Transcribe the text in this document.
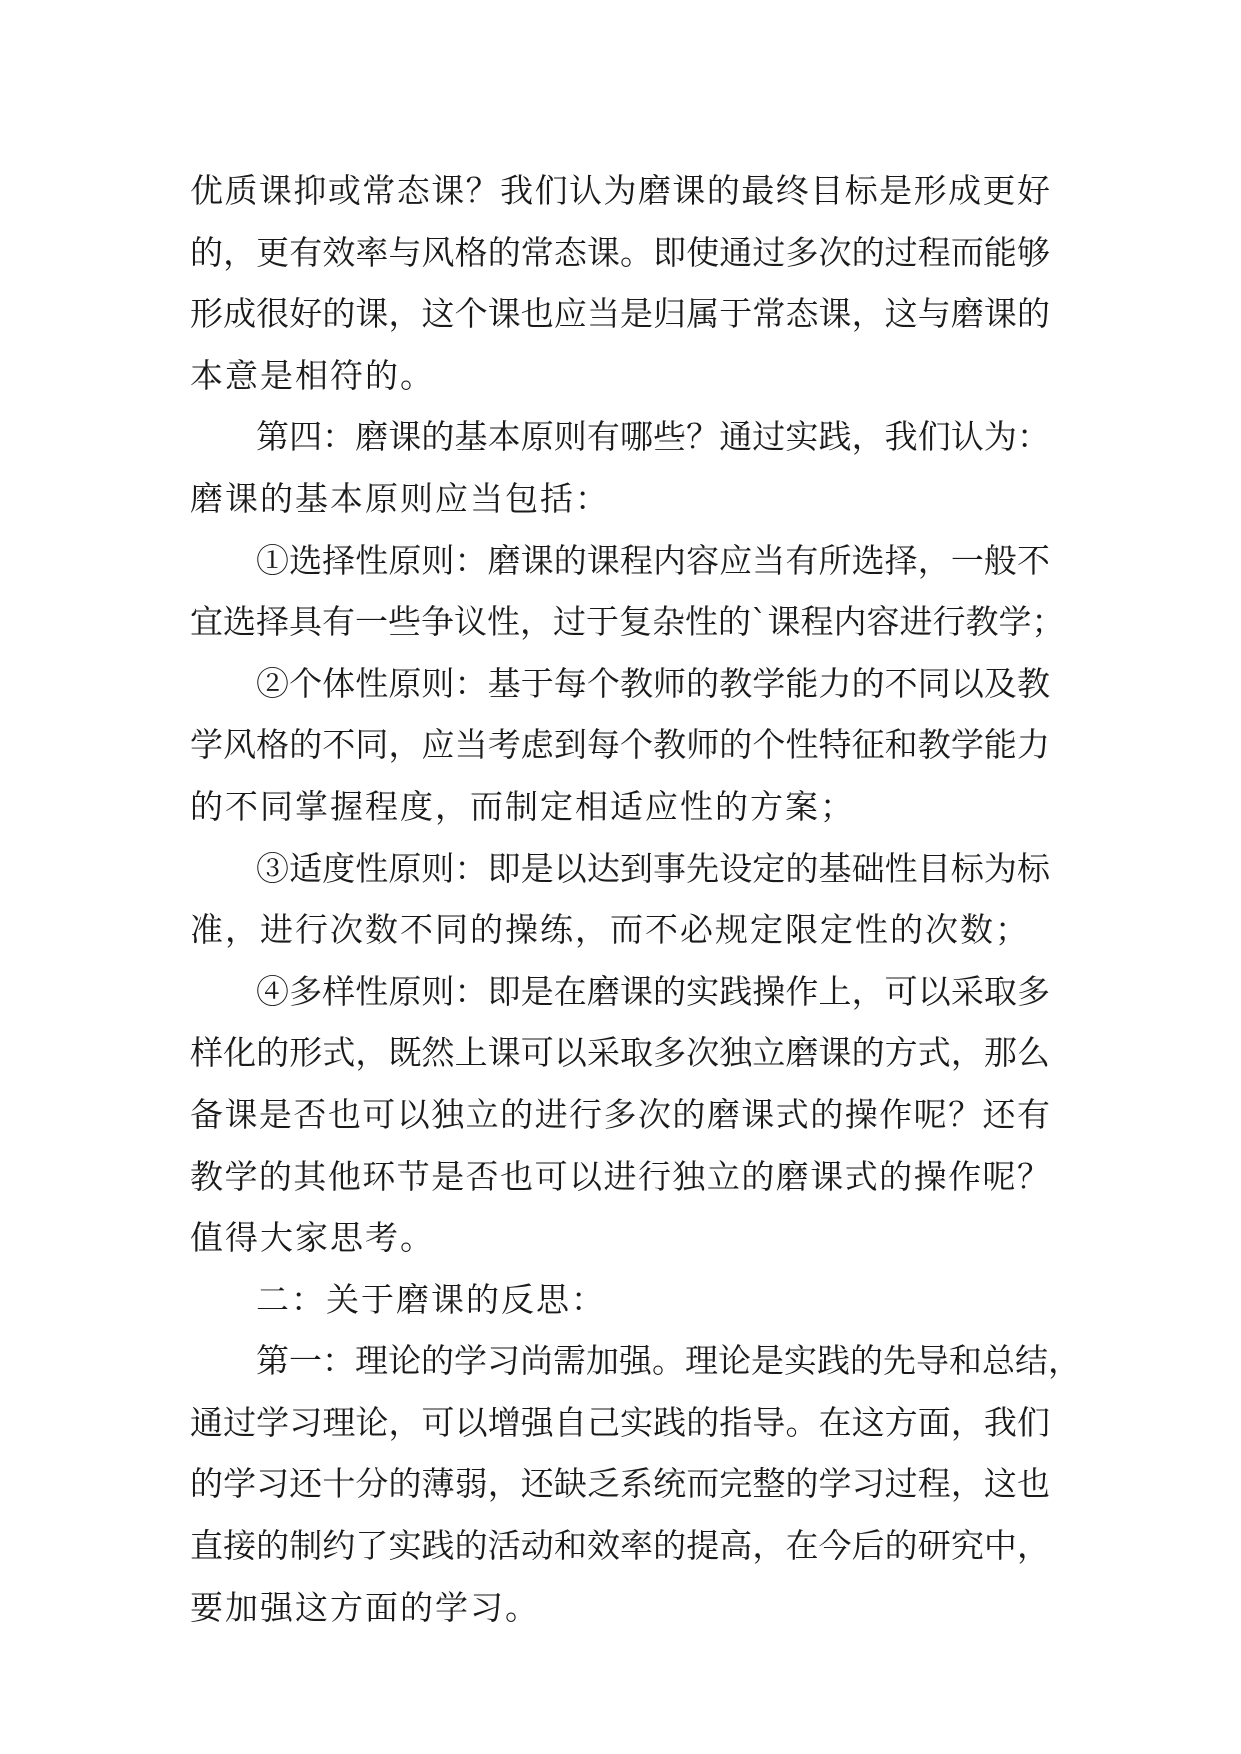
优质课抑或常态课？我们认为磨课的最终目标是形成更好
的，更有效率与风格的常态课。即使通过多次的过程而能够
形成很好的课，这个课也应当是归属于常态课，这与磨课的
本意是相符的。
第四：磨课的基本原则有哪些？通过实践，我们认为：
磨课的基本原则应当包括：
①选择性原则：磨课的课程内容应当有所选择，一般不
宜选择具有一些争议性，过于复杂性的`课程内容进行教学；
②个体性原则：基于每个教师的教学能力的不同以及教
学风格的不同，应当考虑到每个教师的个性特征和教学能力
的不同掌握程度，而制定相适应性的方案；
③适度性原则：即是以达到事先设定的基础性目标为标
准，进行次数不同的操练，而不必规定限定性的次数；
④多样性原则：即是在磨课的实践操作上，可以采取多
样化的形式，既然上课可以采取多次独立磨课的方式，那么
备课是否也可以独立的进行多次的磨课式的操作呢？还有
教学的其他环节是否也可以进行独立的磨课式的操作呢？
值得大家思考。
二：关于磨课的反思：
第一：理论的学习尚需加强。理论是实践的先导和总结，
通过学习理论，可以增强自己实践的指导。在这方面，我们
的学习还十分的薄弱，还缺乏系统而完整的学习过程，这也
直接的制约了实践的活动和效率的提高，在今后的研究中，
要加强这方面的学习。
